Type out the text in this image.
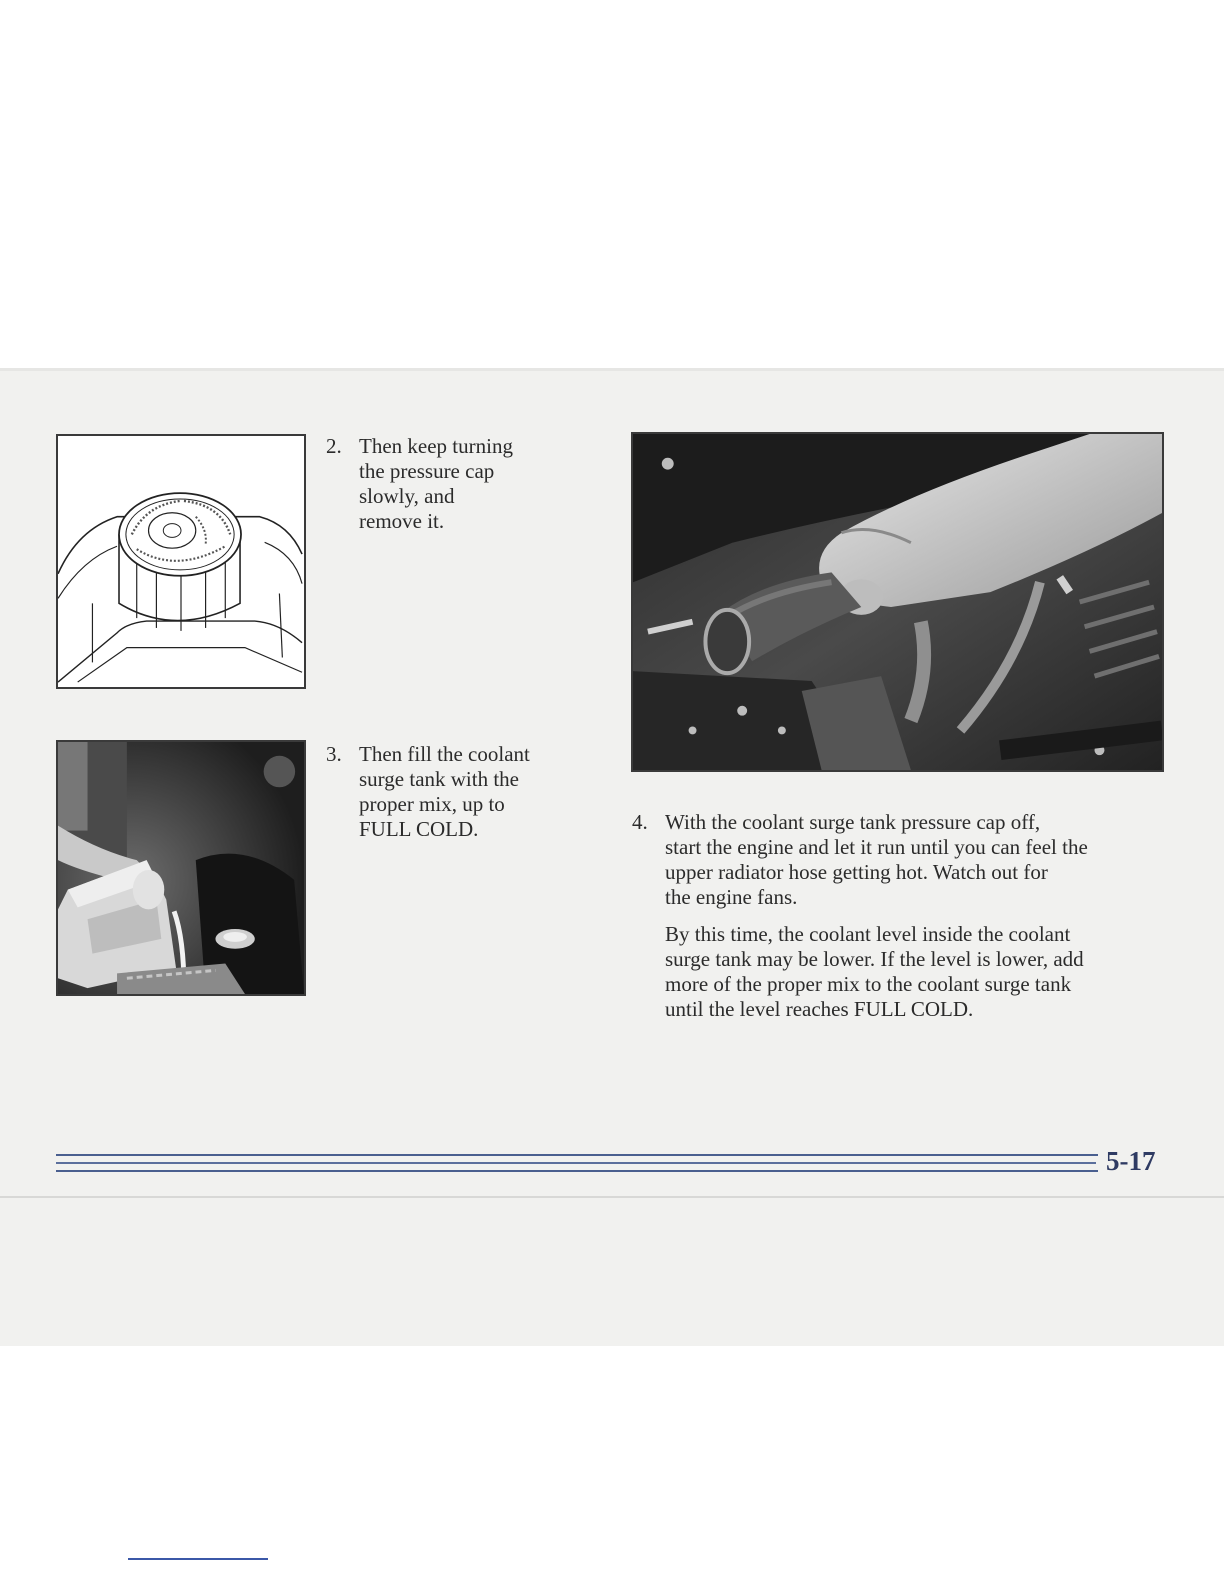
2. Then keep turning
the pressure cap
slowly, and
remove it.
3. Then fill the coolant
surge tank with the
proper mix, up to
FULL COLD.	4. With the coolant surge tank pressure cap off,
start the engine and let it run until you can feel the
upper radiator hose getting hot. Watch out for
the engine fans.
By this time, the coolant level inside the coolant
surge tank may be lower. If the level is lower, add
more of the proper mix to the coolant surge tank
until the level reaches FULL COLD.
5-17
